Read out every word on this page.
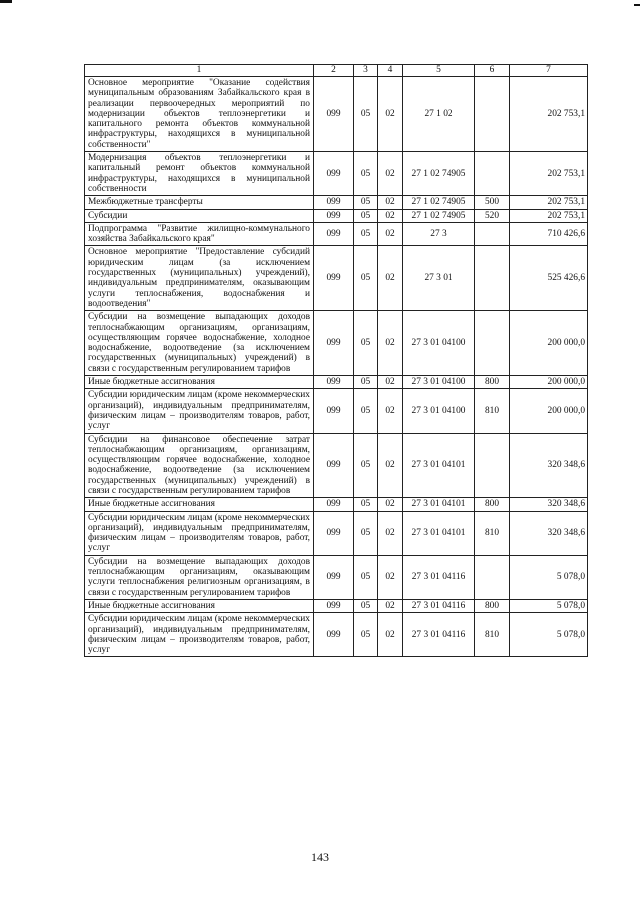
1	2	3	4	5	6	7
Основное мероприятие "Оказание содействия муниципальным образованиям Забайкальского края в реализации первоочередных мероприятий по модернизации объектов теплоэнергетики и капитального ремонта объектов коммунальной инфраструктуры, находящихся в муниципальной собственности"	099	05	02	27 1 02		202 753,1
Модернизация объектов теплоэнергетики и капитальный ремонт объектов коммунальной инфраструктуры, находящихся в муниципальной собственности	099	05	02	27 1 02 74905		202 753,1
Межбюджетные трансферты	099	05	02	27 1 02 74905	500	202 753,1
Субсидии	099	05	02	27 1 02 74905	520	202 753,1
Подпрограмма "Развитие жилищно-коммунального хозяйства Забайкальского края"	099	05	02	27 3		710 426,6
Основное мероприятие "Предоставление субсидий юридическим лицам (за исключением государственных (муниципальных) учреждений), индивидуальным предпринимателям, оказывающим услуги теплоснабжения, водоснабжения и водоотведения"	099	05	02	27 3 01		525 426,6
Субсидии на возмещение выпадающих доходов теплоснабжающим организациям, организациям, осуществляющим горячее водоснабжение, холодное водоснабжение, водоотведение (за исключением государственных (муниципальных) учреждений) в связи с государственным регулированием тарифов	099	05	02	27 3 01 04100		200 000,0
Иные бюджетные ассигнования	099	05	02	27 3 01 04100	800	200 000,0
Субсидии юридическим лицам (кроме некоммерческих организаций), индивидуальным предпринимателям, физическим лицам – производителям товаров, работ, услуг	099	05	02	27 3 01 04100	810	200 000,0
Субсидии на финансовое обеспечение затрат теплоснабжающим организациям, организациям, осуществляющим горячее водоснабжение, холодное водоснабжение, водоотведение (за исключением государственных (муниципальных) учреждений) в связи с государственным регулированием тарифов	099	05	02	27 3 01 04101		320 348,6
Иные бюджетные ассигнования	099	05	02	27 3 01 04101	800	320 348,6
Субсидии юридическим лицам (кроме некоммерческих организаций), индивидуальным предпринимателям, физическим лицам – производителям товаров, работ, услуг	099	05	02	27 3 01 04101	810	320 348,6
Субсидии на возмещение выпадающих доходов теплоснабжающим организациям, оказывающим услуги теплоснабжения религиозным организациям, в связи с государственным регулированием тарифов	099	05	02	27 3 01 04116		5 078,0
Иные бюджетные ассигнования	099	05	02	27 3 01 04116	800	5 078,0
Субсидии юридическим лицам (кроме некоммерческих организаций), индивидуальным предпринимателям, физическим лицам – производителям товаров, работ, услуг	099	05	02	27 3 01 04116	810	5 078,0
143
